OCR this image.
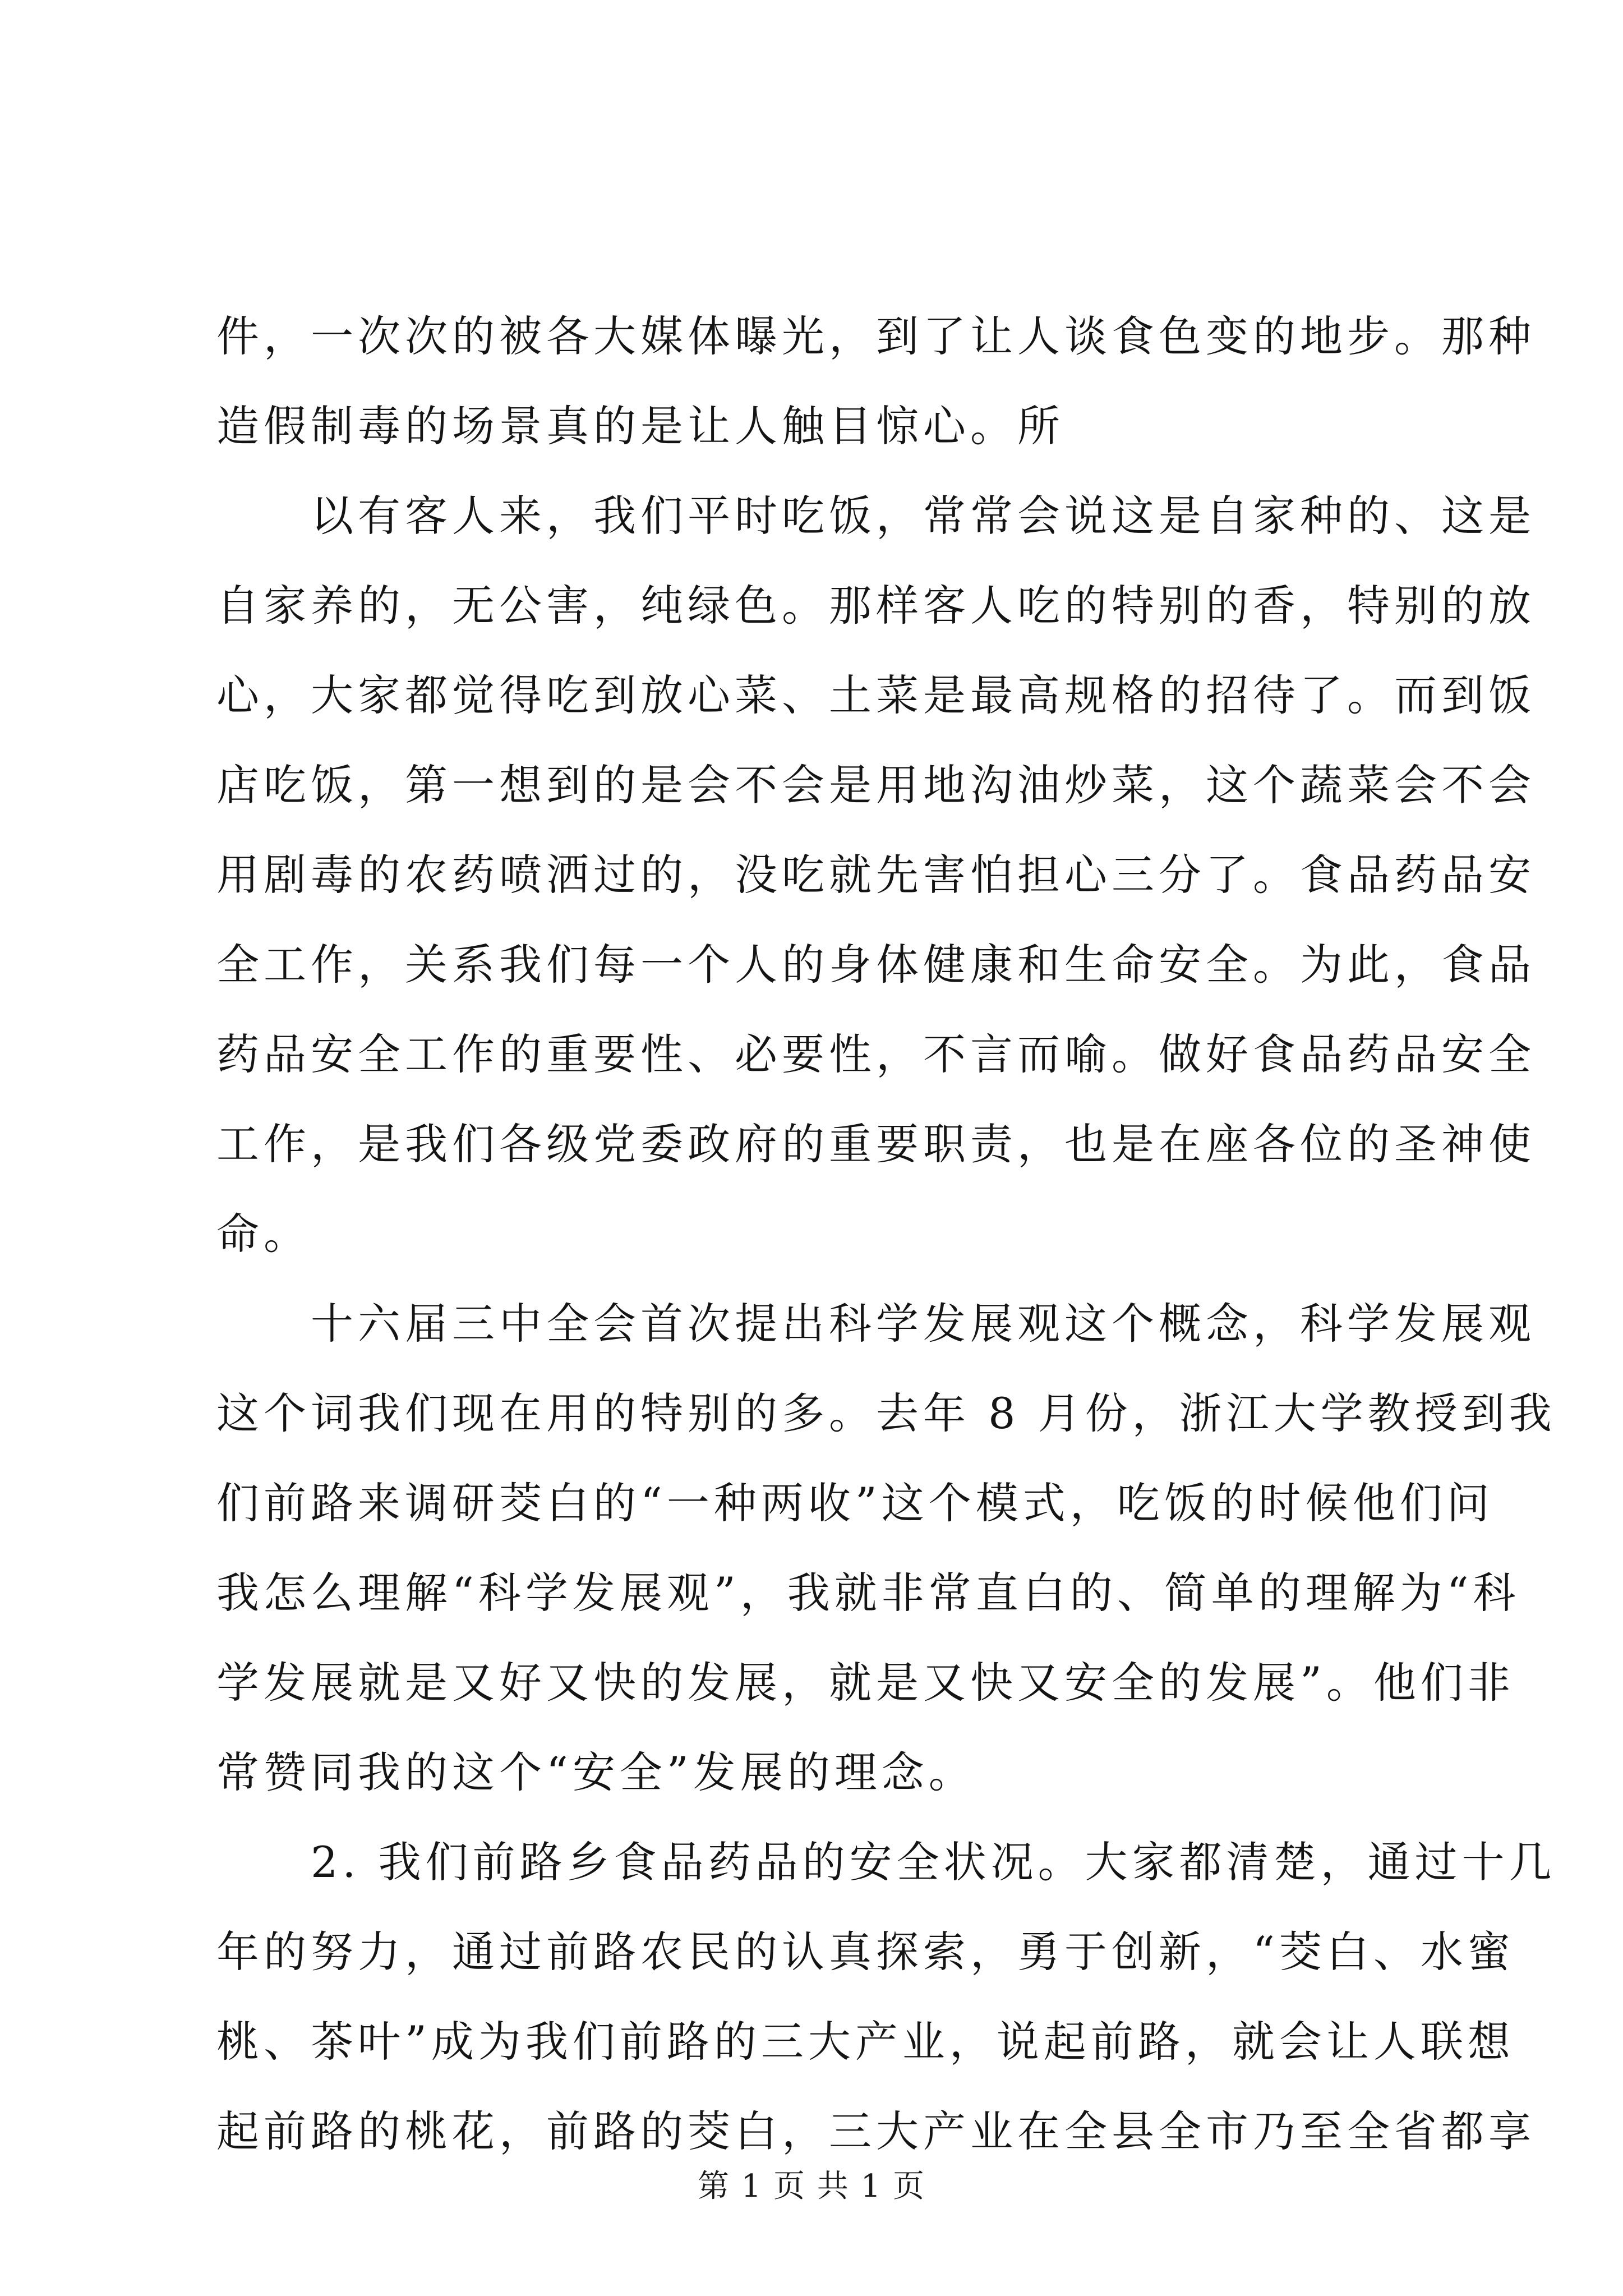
件，一次次的被各大媒体曝光，到了让人谈食色变的地步。那种
造假制毒的场景真的是让人触目惊心。所
　　以有客人来，我们平时吃饭，常常会说这是自家种的、这是
自家养的，无公害，纯绿色。那样客人吃的特别的香，特别的放
心，大家都觉得吃到放心菜、土菜是最高规格的招待了。而到饭
店吃饭，第一想到的是会不会是用地沟油炒菜，这个蔬菜会不会
用剧毒的农药喷洒过的，没吃就先害怕担心三分了。食品药品安
全工作，关系我们每一个人的身体健康和生命安全。为此，食品
药品安全工作的重要性、必要性，不言而喻。做好食品药品安全
工作，是我们各级党委政府的重要职责，也是在座各位的圣神使
命。
　　十六届三中全会首次提出科学发展观这个概念，科学发展观
这个词我们现在用的特别的多。去年 8 月份，浙江大学教授到我
们前路来调研茭白的“一种两收”这个模式，吃饭的时候他们问
我怎么理解“科学发展观”，我就非常直白的、简单的理解为“科
学发展就是又好又快的发展，就是又快又安全的发展”。他们非
常赞同我的这个“安全”发展的理念。
　　2. 我们前路乡食品药品的安全状况。大家都清楚，通过十几
年的努力，通过前路农民的认真探索，勇于创新，“茭白、水蜜
桃、茶叶”成为我们前路的三大产业，说起前路，就会让人联想
起前路的桃花，前路的茭白，三大产业在全县全市乃至全省都享
第 1 页 共 1 页
